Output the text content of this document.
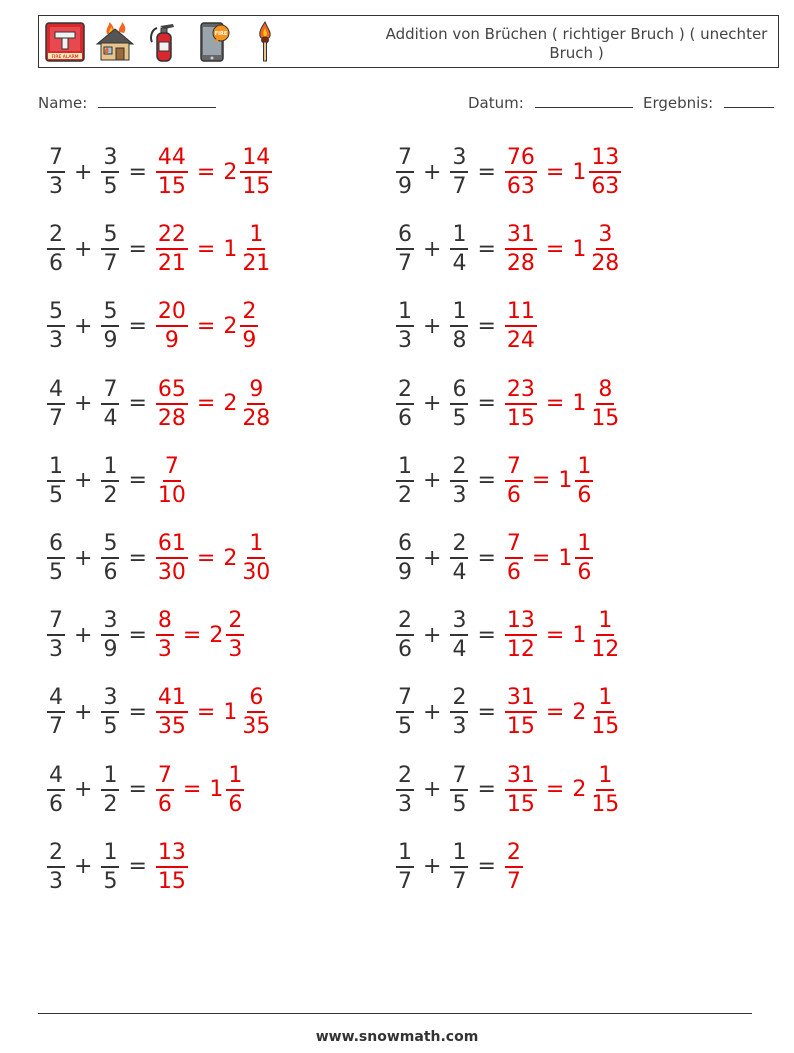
FIRE ALARM
FIRE	Addition von Brüchen ( richtiger Bruch ) ( unechter Bruch )
Name:	Datum:	Ergebnis:
$\frac{7}{3} + \frac{3}{5} = \frac{44}{15} = 2 \frac{14}{15}$	$\frac{7}{9} + \frac{3}{7} = \frac{76}{63} = 1 \frac{13}{63}$
$\frac{2}{6} + \frac{5}{7} = \frac{22}{21} = 1 \frac{1}{21}$	$\frac{6}{7} + \frac{1}{4} = \frac{31}{28} = 1 \frac{3}{28}$
$\frac{5}{3} + \frac{5}{9} = \frac{20}{9} = 2 \frac{2}{9}$	$\frac{1}{3} + \frac{1}{8} = \frac{11}{24}$
$\frac{4}{7} + \frac{7}{4} = \frac{65}{28} = 2 \frac{9}{28}$	$\frac{2}{6} + \frac{6}{5} = \frac{23}{15} = 1 \frac{8}{15}$
$\frac{1}{5} + \frac{1}{2} = \frac{7}{10}$	$\frac{1}{2} + \frac{2}{3} = \frac{7}{6} = 1 \frac{1}{6}$
$\frac{6}{5} + \frac{5}{6} = \frac{61}{30} = 2 \frac{1}{30}$	$\frac{6}{9} + \frac{2}{4} = \frac{7}{6} = 1 \frac{1}{6}$
$\frac{7}{3} + \frac{3}{9} = \frac{8}{3} = 2 \frac{2}{3}$	$\frac{2}{6} + \frac{3}{4} = \frac{13}{12} = 1 \frac{1}{12}$
$\frac{4}{7} + \frac{3}{5} = \frac{41}{35} = 1 \frac{6}{35}$	$\frac{7}{5} + \frac{2}{3} = \frac{31}{15} = 2 \frac{1}{15}$
$\frac{4}{6} + \frac{1}{2} = \frac{7}{6} = 1 \frac{1}{6}$	$\frac{2}{3} + \frac{7}{5} = \frac{31}{15} = 2 \frac{1}{15}$
$\frac{2}{3} + \frac{1}{5} = \frac{13}{15}$	$\frac{1}{7} + \frac{1}{7} = \frac{2}{7}$
www.snowmath.com
